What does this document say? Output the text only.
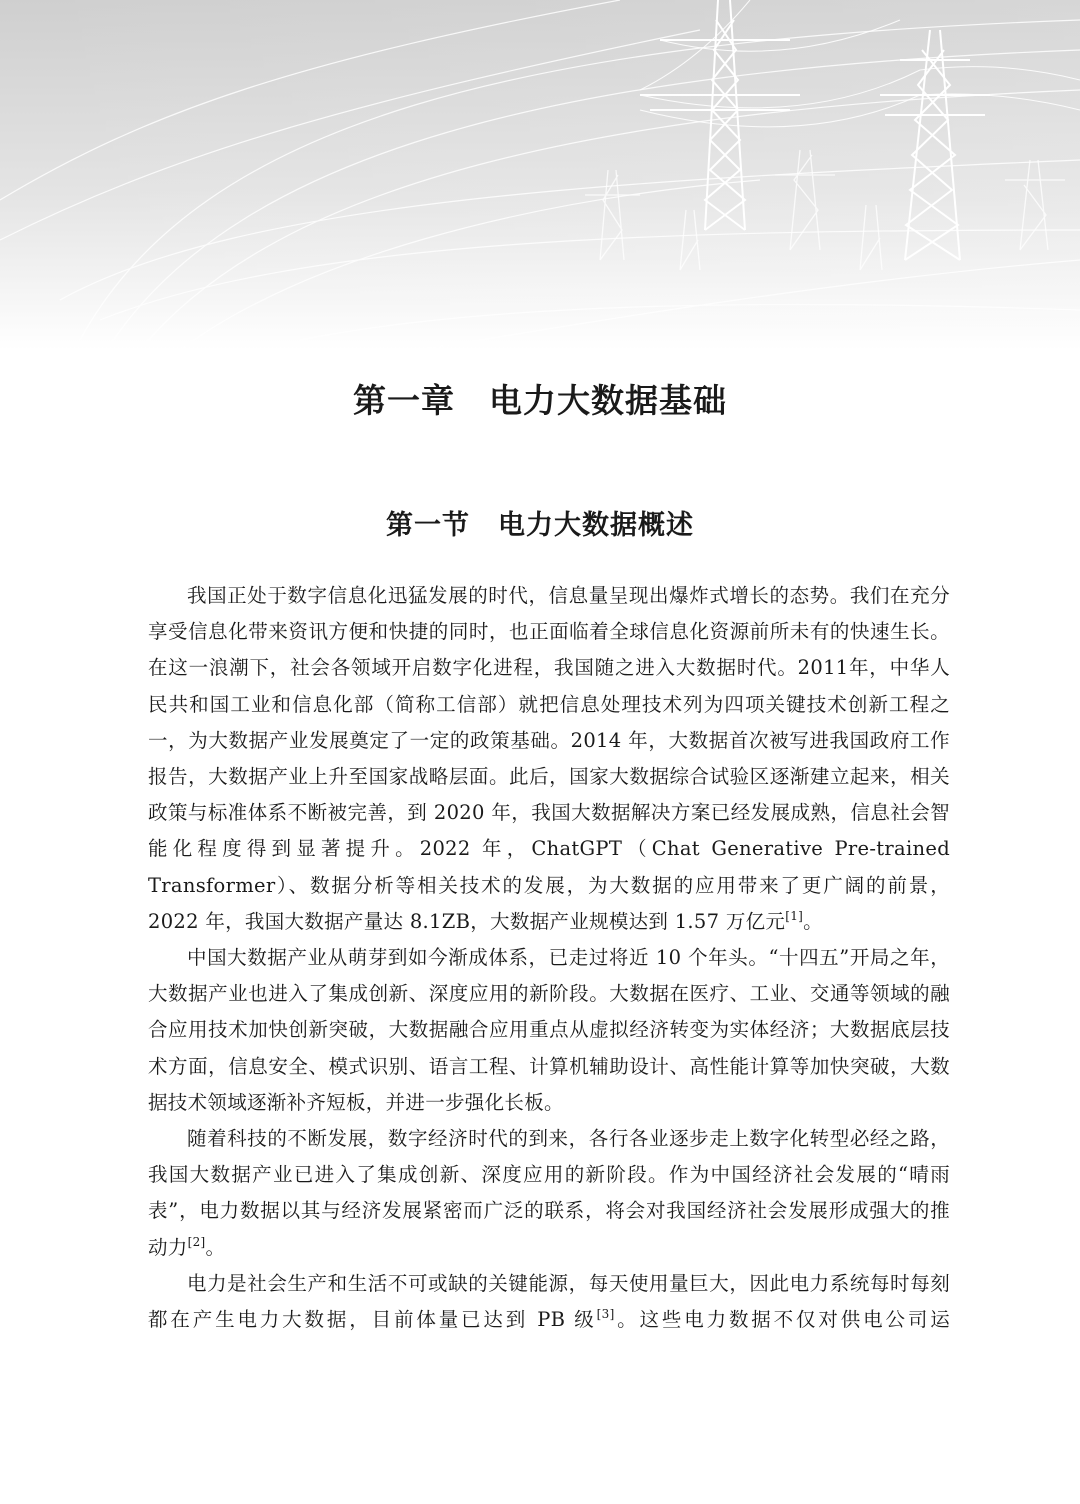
第一章　电力大数据基础
第一节　电力大数据概述

我国正处于数字信息化迅猛发展的时代，信息量呈现出爆炸式增长的态势。我们在充分享受信息化带来资讯方便和快捷的同时，也正面临着全球信息化资源前所未有的快速生长。在这一浪潮下，社会各领域开启数字化进程，我国随之进入大数据时代。2011年，中华人民共和国工业和信息化部（简称工信部）就把信息处理技术列为四项关键技术创新工程之一，为大数据产业发展奠定了一定的政策基础。2014 年，大数据首次被写进我国政府工作报告，大数据产业上升至国家战略层面。此后，国家大数据综合试验区逐渐建立起来，相关政策与标准体系不断被完善，到 2020 年，我国大数据解决方案已经发展成熟，信息社会智能化程度得到显著提升。2022 年，ChatGPT（Chat Generative Pre-trained Transformer）、数据分析等相关技术的发展，为大数据的应用带来了更广阔的前景，2022 年，我国大数据产量达 8.1ZB，大数据产业规模达到 1.57 万亿元[1]。

中国大数据产业从萌芽到如今渐成体系，已走过将近 10 个年头。“十四五”开局之年，大数据产业也进入了集成创新、深度应用的新阶段。大数据在医疗、工业、交通等领域的融合应用技术加快创新突破，大数据融合应用重点从虚拟经济转变为实体经济；大数据底层技术方面，信息安全、模式识别、语言工程、计算机辅助设计、高性能计算等加快突破，大数据技术领域逐渐补齐短板，并进一步强化长板。

随着科技的不断发展，数字经济时代的到来，各行各业逐步走上数字化转型必经之路，我国大数据产业已进入了集成创新、深度应用的新阶段。作为中国经济社会发展的“晴雨表”，电力数据以其与经济发展紧密而广泛的联系，将会对我国经济社会发展形成强大的推动力[2]。

电力是社会生产和生活不可或缺的关键能源，每天使用量巨大，因此电力系统每时每刻都在产生电力大数据，目前体量已达到 PB 级[3]。这些电力数据不仅对供电公司运
